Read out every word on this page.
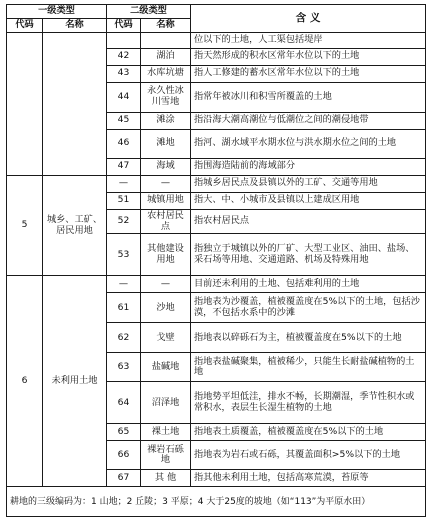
一级类型		二级类型		含 义
代码	名称	代码	名称	
				位以下的土地，人工渠包括堤岸
		42	湖泊	指天然形成的积水区常年水位以下的土地
		43	水库坑塘	指人工修建的蓄水区常年水位以下的土地
		44	永久性冰川雪地	指常年被冰川和积雪所覆盖的土地
		45	滩涂	指沿海大潮高潮位与低潮位之间的潮侵地带
		46	滩地	指河、湖水域平水期水位与洪水期水位之间的土地
		47	海域	指围海造陆前的海域部分
5	城乡、工矿、居民用地	—	—	指城乡居民点及县镇以外的工矿、交通等用地
		51	城镇用地	指大、中、小城市及县镇以上建成区用地
		52	农村居民点	指农村居民点
		53	其他建设用地	指独立于城镇以外的厂矿、大型工业区、油田、盐场、采石场等用地、交通道路、机场及特殊用地
6	未利用土地	—	—	目前还未利用的土地、包括难利用的土地
		61	沙地	指地表为沙覆盖，植被覆盖度在5%以下的土地，包括沙漠，不包括水系中的沙滩
		62	戈壁	指地表以碎砾石为主，植被覆盖度在5%以下的土地
		63	盐碱地	指地表盐碱聚集，植被稀少，只能生长耐盐碱植物的土地
		64	沼泽地	指地势平坦低洼，排水不畅，长期潮湿，季节性积水或常积水，表层生长湿生植物的土地
		65	裸土地	指地表土质覆盖，植被覆盖度在5%以下的土地
		66	裸岩石砾地	指地表为岩石或石砾，其覆盖面积>5%以下的土地
		67	其 他	指其他未利用土地，包括高寒荒漠，苔原等
耕地的三级编码为：1 山地；2 丘陵；3 平原；4 大于25度的坡地（如“113”为平原水田）				
